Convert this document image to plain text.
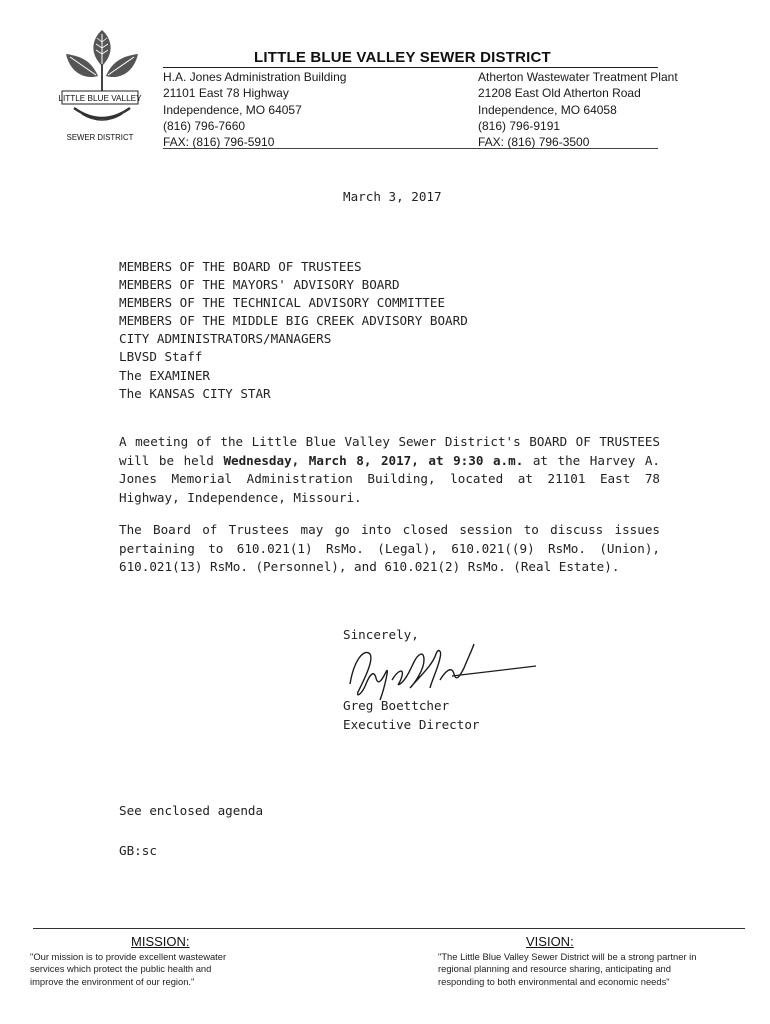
LITTLE BLUE VALLEY
SEWER DISTRICT
LITTLE BLUE VALLEY SEWER DISTRICT
H.A. Jones Administration Building
21101 East 78 Highway
Independence, MO 64057
(816) 796-7660
FAX: (816) 796-5910
Atherton Wastewater Treatment Plant
21208 East Old Atherton Road
Independence, MO 64058
(816) 796-9191
FAX: (816) 796-3500
March 3, 2017
MEMBERS OF THE BOARD OF TRUSTEES
MEMBERS OF THE MAYORS' ADVISORY BOARD
MEMBERS OF THE TECHNICAL ADVISORY COMMITTEE
MEMBERS OF THE MIDDLE BIG CREEK ADVISORY BOARD
CITY ADMINISTRATORS/MANAGERS
LBVSD Staff
The EXAMINER
The KANSAS CITY STAR
A meeting of the Little Blue Valley Sewer District's BOARD OF TRUSTEES will be held Wednesday, March 8, 2017, at 9:30 a.m. at the Harvey A. Jones Memorial Administration Building, located at 21101 East 78 Highway, Independence, Missouri.
The Board of Trustees may go into closed session to discuss issues pertaining to 610.021(1) RsMo. (Legal), 610.021((9) RsMo. (Union), 610.021(13) RsMo. (Personnel), and 610.021(2) RsMo. (Real Estate).
Sincerely,
Greg Boettcher
Executive Director
See enclosed agenda
GB:sc
MISSION:
"Our mission is to provide excellent wastewater
services which protect the public health and
improve the environment of our region."
VISION:
"The Little Blue Valley Sewer District will be a strong partner in
regional planning and resource sharing, anticipating and
responding to both environmental and economic needs"
